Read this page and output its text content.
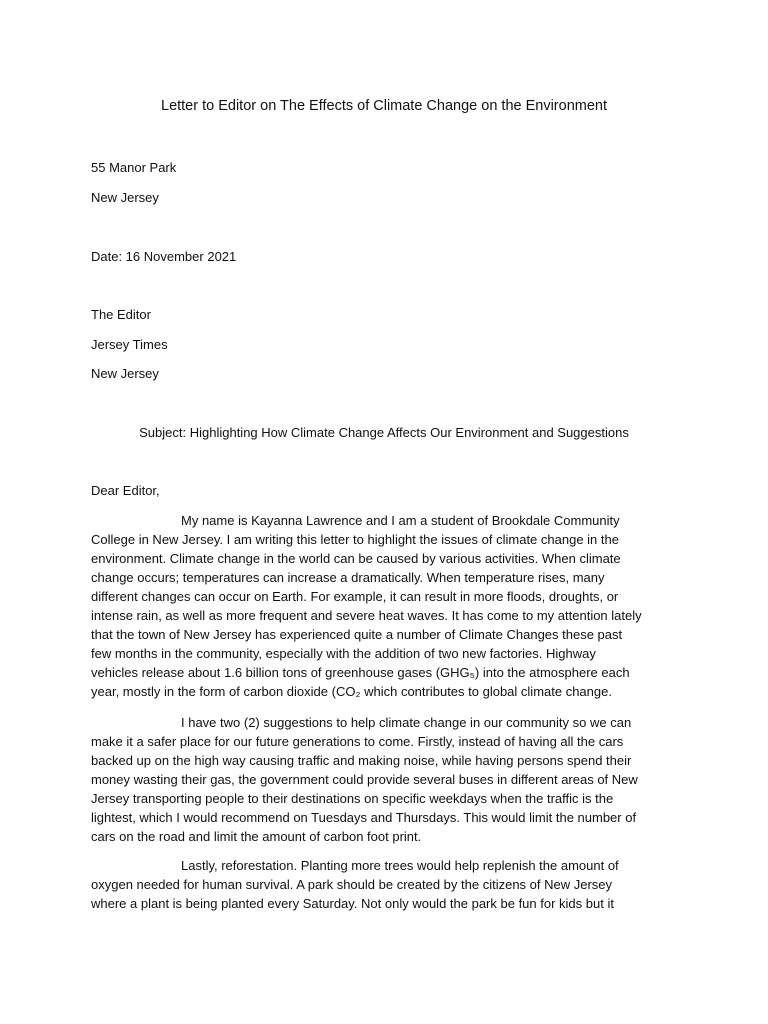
Letter to Editor on The Effects of Climate Change on the Environment
55 Manor Park
New Jersey
Date: 16 November 2021
The Editor
Jersey Times
New Jersey
Subject: Highlighting How Climate Change Affects Our Environment and Suggestions
Dear Editor,

My name is Kayanna Lawrence and I am a student of Brookdale Community
College in New Jersey. I am writing this letter to highlight the issues of climate change in the
environment. Climate change in the world can be caused by various activities. When climate
change occurs; temperatures can increase a dramatically. When temperature rises, many
different changes can occur on Earth. For example, it can result in more floods, droughts, or
intense rain, as well as more frequent and severe heat waves. It has come to my attention lately
that the town of New Jersey has experienced quite a number of Climate Changes these past
few months in the community, especially with the addition of two new factories. Highway
vehicles release about 1.6 billion tons of greenhouse gases (GHG₅) into the atmosphere each
year, mostly in the form of carbon dioxide (CO₂ which contributes to global climate change.

I have two (2) suggestions to help climate change in our community so we can
make it a safer place for our future generations to come. Firstly, instead of having all the cars
backed up on the high way causing traffic and making noise, while having persons spend their
money wasting their gas, the government could provide several buses in different areas of New
Jersey transporting people to their destinations on specific weekdays when the traffic is the
lightest, which I would recommend on Tuesdays and Thursdays. This would limit the number of
cars on the road and limit the amount of carbon foot print.

Lastly, reforestation. Planting more trees would help replenish the amount of
oxygen needed for human survival. A park should be created by the citizens of New Jersey
where a plant is being planted every Saturday. Not only would the park be fun for kids but it
